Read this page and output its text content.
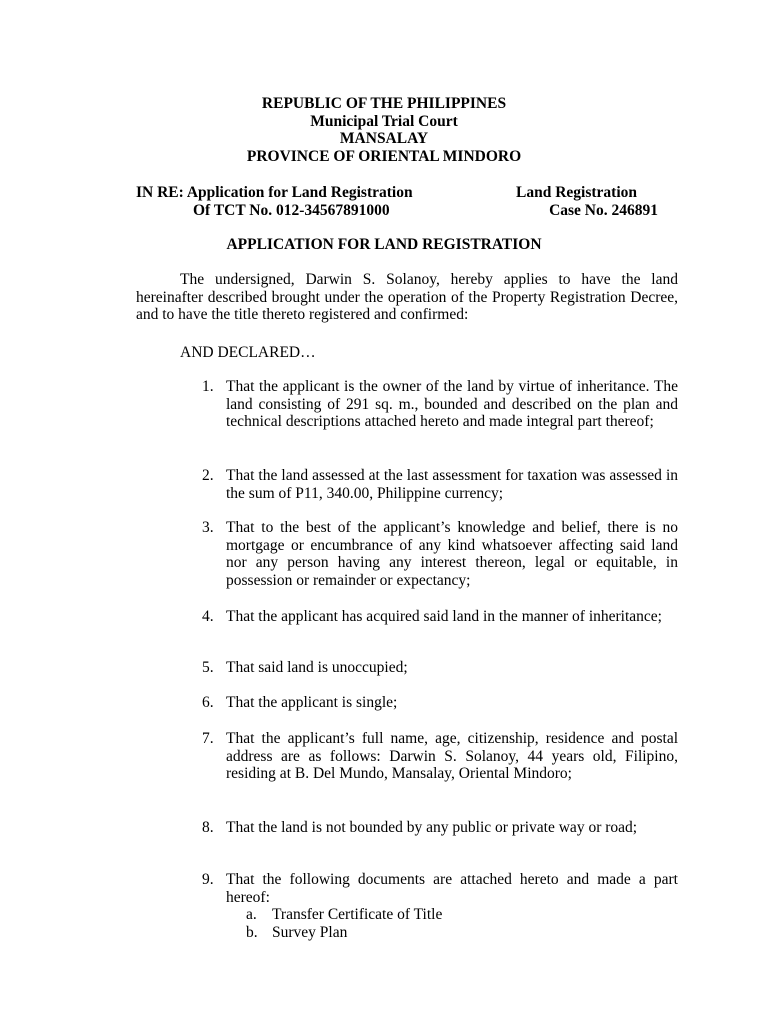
REPUBLIC OF THE PHILIPPINES
Municipal Trial Court
MANSALAY
PROVINCE OF ORIENTAL MINDORO
IN RE: Application for Land Registration
Of TCT No. 012-34567891000
Land Registration
Case No. 246891
APPLICATION FOR LAND REGISTRATION
The undersigned, Darwin S. Solanoy, hereby applies to have the land hereinafter described brought under the operation of the Property Registration Decree, and to have the title thereto registered and confirmed:
AND DECLARED…
1. That the applicant is the owner of the land by virtue of inheritance. The land consisting of 291 sq. m., bounded and described on the plan and technical descriptions attached hereto and made integral part thereof;
2. That the land assessed at the last assessment for taxation was assessed in the sum of P11, 340.00, Philippine currency;
3. That to the best of the applicant’s knowledge and belief, there is no mortgage or encumbrance of any kind whatsoever affecting said land nor any person having any interest thereon, legal or equitable, in possession or remainder or expectancy;
4. That the applicant has acquired said land in the manner of inheritance;
5. That said land is unoccupied;
6. That the applicant is single;
7. That the applicant’s full name, age, citizenship, residence and postal address are as follows: Darwin S. Solanoy, 44 years old, Filipino, residing at B. Del Mundo, Mansalay, Oriental Mindoro;
8. That the land is not bounded by any public or private way or road;
9. That the following documents are attached hereto and made a part hereof:
a. Transfer Certificate of Title
b. Survey Plan
